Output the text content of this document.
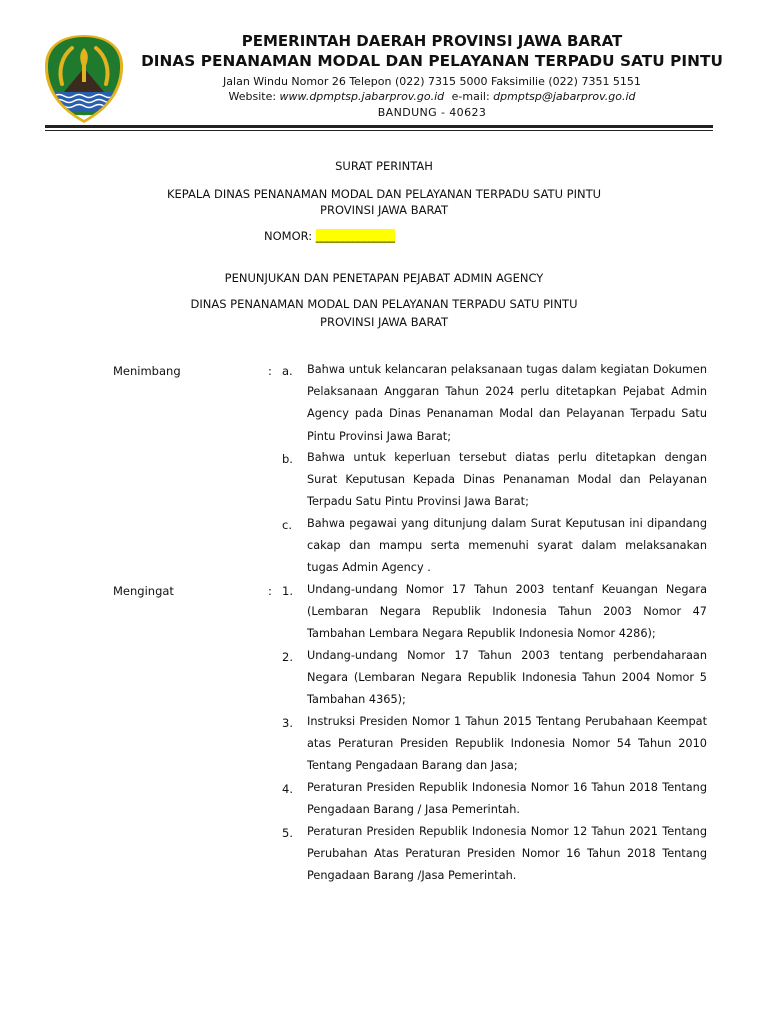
PEMERINTAH DAERAH PROVINSI JAWA BARAT
DINAS PENANAMAN MODAL DAN PELAYANAN TERPADU SATU PINTU
Jalan Windu Nomor 26 Telepon (022) 7315 5000 Faksimilie (022) 7351 5151
Website: www.dpmptsp.jabarprov.go.id e-mail: dpmptsp@jabarprov.go.id
BANDUNG - 40623
SURAT PERINTAH
KEPALA DINAS PENANAMAN MODAL DAN PELAYANAN TERPADU SATU PINTU
PROVINSI JAWA BARAT
NOMOR: _______________
PENUNJUKAN DAN PENETAPAN PEJABAT ADMIN AGENCY
DINAS PENANAMAN MODAL DAN PELAYANAN TERPADU SATU PINTU
PROVINSI JAWA BARAT
Menimbang	: a. Bahwa untuk kelancaran pelaksanaan tugas dalam kegiatan Dokumen Pelaksanaan Anggaran Tahun 2024 perlu ditetapkan Pejabat Admin Agency pada Dinas Penanaman Modal dan Pelayanan Terpadu Satu Pintu Provinsi Jawa Barat;
b. Bahwa untuk keperluan tersebut diatas perlu ditetapkan dengan Surat Keputusan Kepada Dinas Penanaman Modal dan Pelayanan Terpadu Satu Pintu Provinsi Jawa Barat;
c. Bahwa pegawai yang ditunjung dalam Surat Keputusan ini dipandang cakap dan mampu serta memenuhi syarat dalam melaksanakan tugas Admin Agency .
Mengingat	: 1. Undang-undang Nomor 17 Tahun 2003 tentanf Keuangan Negara (Lembaran Negara Republik Indonesia Tahun 2003 Nomor 47 Tambahan Lembara Negara Republik Indonesia Nomor 4286);
2. Undang-undang Nomor 17 Tahun 2003 tentang perbendaharaan Negara (Lembaran Negara Republik Indonesia Tahun 2004 Nomor 5 Tambahan 4365);
3. Instruksi Presiden Nomor 1 Tahun 2015 Tentang Perubahaan Keempat atas Peraturan Presiden Republik Indonesia Nomor 54 Tahun 2010 Tentang Pengadaan Barang dan Jasa;
4. Peraturan Presiden Republik Indonesia Nomor 16 Tahun 2018 Tentang Pengadaan Barang / Jasa Pemerintah.
5. Peraturan Presiden Republik Indonesia Nomor 12 Tahun 2021 Tentang Perubahan Atas Peraturan Presiden Nomor 16 Tahun 2018 Tentang Pengadaan Barang /Jasa Pemerintah.
